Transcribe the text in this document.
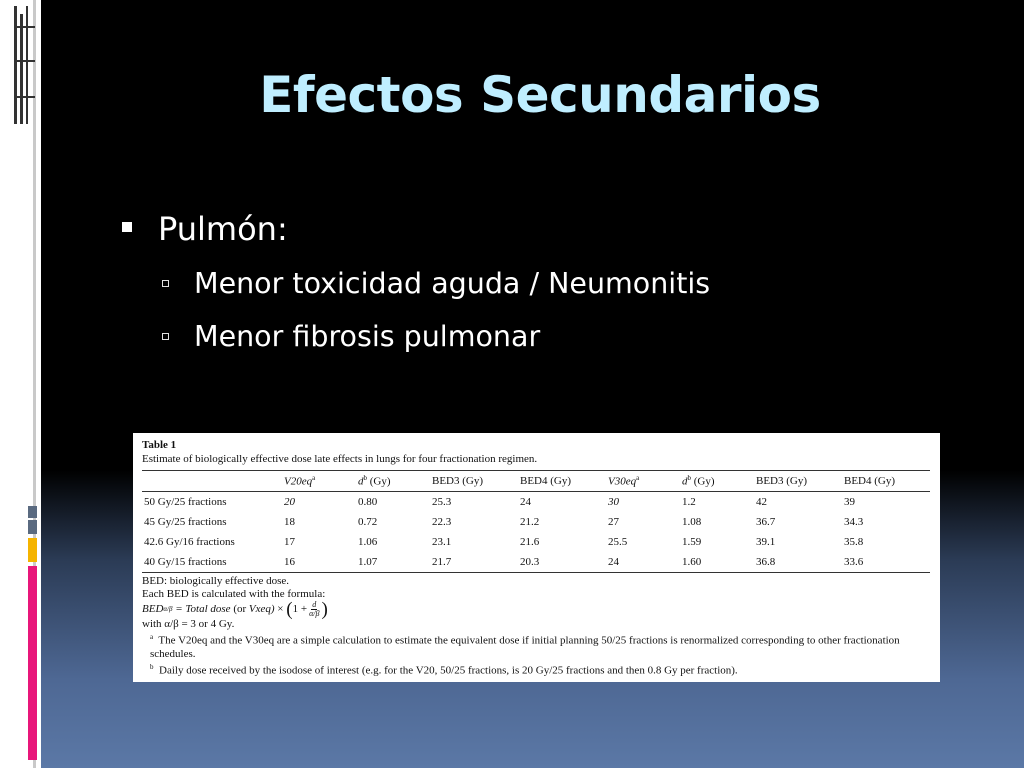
Efectos Secundarios
Pulmón:
Menor toxicidad aguda / Neumonitis
Menor fibrosis pulmonar
Table 1
Estimate of biologically effective dose late effects in lungs for four fractionation regimen.
	$V20eq^a$	$d^b$ (Gy)	BED3 (Gy)	BED4 (Gy)	$V30eq^a$	$d^b$ (Gy)	BED3 (Gy)	BED4 (Gy)
50 Gy/25 fractions	20	0.80	25.3	24	30	1.2	42	39
45 Gy/25 fractions	18	0.72	22.3	21.2	27	1.08	36.7	34.3
42.6 Gy/16 fractions	17	1.06	23.1	21.6	25.5	1.59	39.1	35.8
40 Gy/15 fractions	16	1.07	21.7	20.3	24	1.60	36.8	33.6
BED: biologically effective dose.
Each BED is calculated with the formula:
BED α/β
= Total dose
(or
Vxeq)
×
( $1 + \frac{d}{\alpha/\beta}$ )
with α/β = 3 or 4 Gy.
$^a$ The V20eq and the V30eq are a simple calculation to estimate the equivalent dose if initial planning 50/25 fractions is renormalized corresponding to other fractionation schedules.
$^b$ Daily dose received by the isodose of interest (e.g. for the V20, 50/25 fractions, is 20 Gy/25 fractions and then 0.8 Gy per fraction).
